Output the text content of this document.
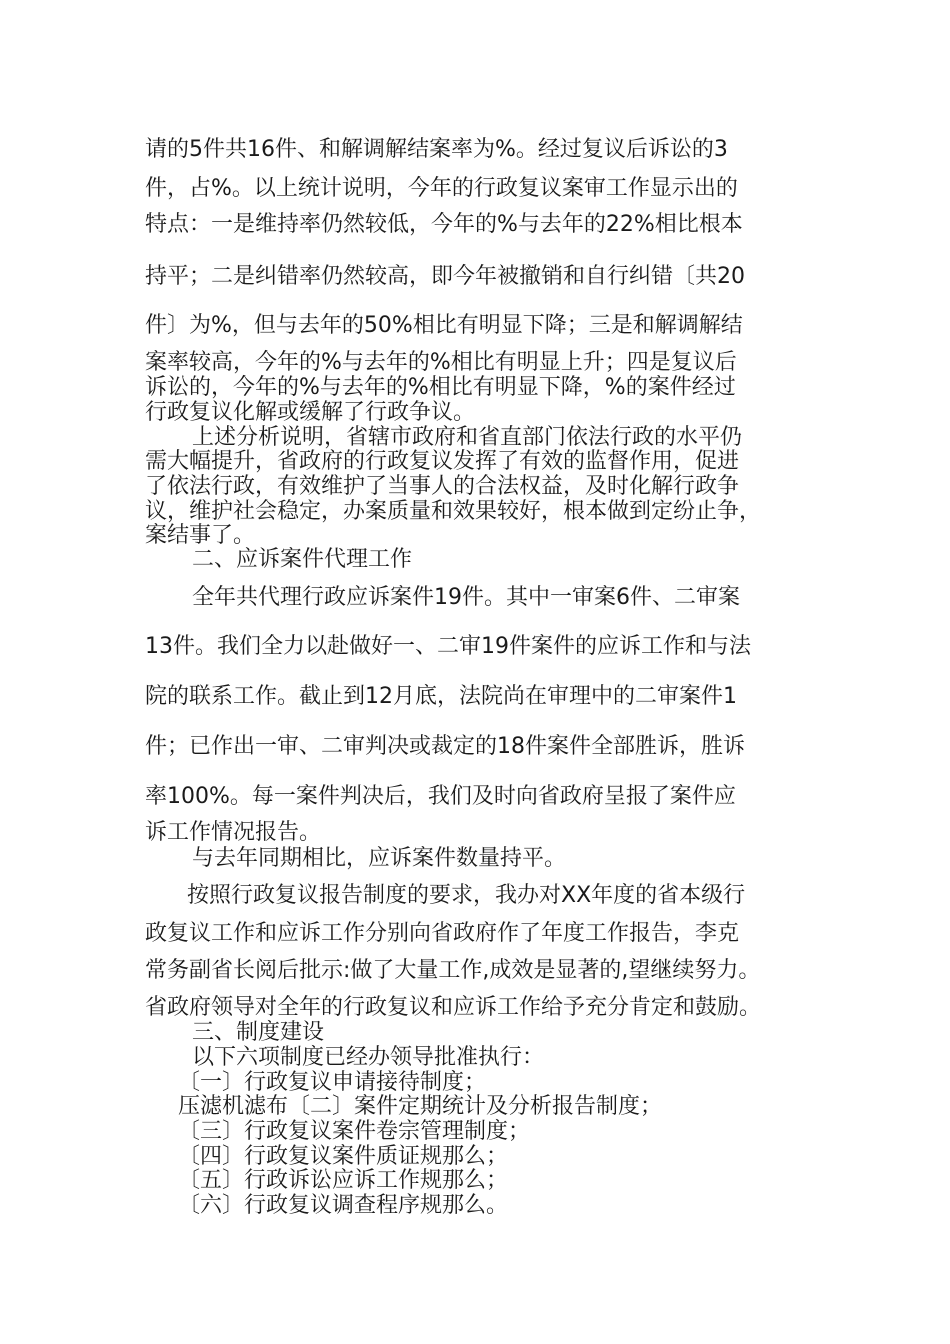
请的5件共16件、和解调解结案率为%。经过复议后诉讼的3
件，占%。以上统计说明，今年的行政复议案审工作显示出的
特点：一是维持率仍然较低，今年的%与去年的22%相比根本
持平；二是纠错率仍然较高，即今年被撤销和自行纠错〔共20
件〕为%，但与去年的50%相比有明显下降；三是和解调解结
案率较高，今年的%与去年的%相比有明显上升；四是复议后
诉讼的，今年的%与去年的%相比有明显下降，%的案件经过
行政复议化解或缓解了行政争议。
上述分析说明，省辖市政府和省直部门依法行政的水平仍
需大幅提升，省政府的行政复议发挥了有效的监督作用，促进
了依法行政，有效维护了当事人的合法权益，及时化解行政争
议，维护社会稳定，办案质量和效果较好，根本做到定纷止争，
案结事了。
二、应诉案件代理工作
全年共代理行政应诉案件19件。其中一审案6件、二审案
13件。我们全力以赴做好一、二审19件案件的应诉工作和与法
院的联系工作。截止到12月底，法院尚在审理中的二审案件1
件；已作出一审、二审判决或裁定的18件案件全部胜诉，胜诉
率100%。每一案件判决后，我们及时向省政府呈报了案件应
诉工作情况报告。
与去年同期相比，应诉案件数量持平。
按照行政复议报告制度的要求，我办对XX年度的省本级行
政复议工作和应诉工作分别向省政府作了年度工作报告，李克
常务副省长阅后批示:做了大量工作,成效是显著的,望继续努力。
省政府领导对全年的行政复议和应诉工作给予充分肯定和鼓励。
三、制度建设
以下六项制度已经办领导批准执行：
〔一〕行政复议申请接待制度；
压滤机滤布〔二〕案件定期统计及分析报告制度；
〔三〕行政复议案件卷宗管理制度；
〔四〕行政复议案件质证规那么；
〔五〕行政诉讼应诉工作规那么；
〔六〕行政复议调查程序规那么。
